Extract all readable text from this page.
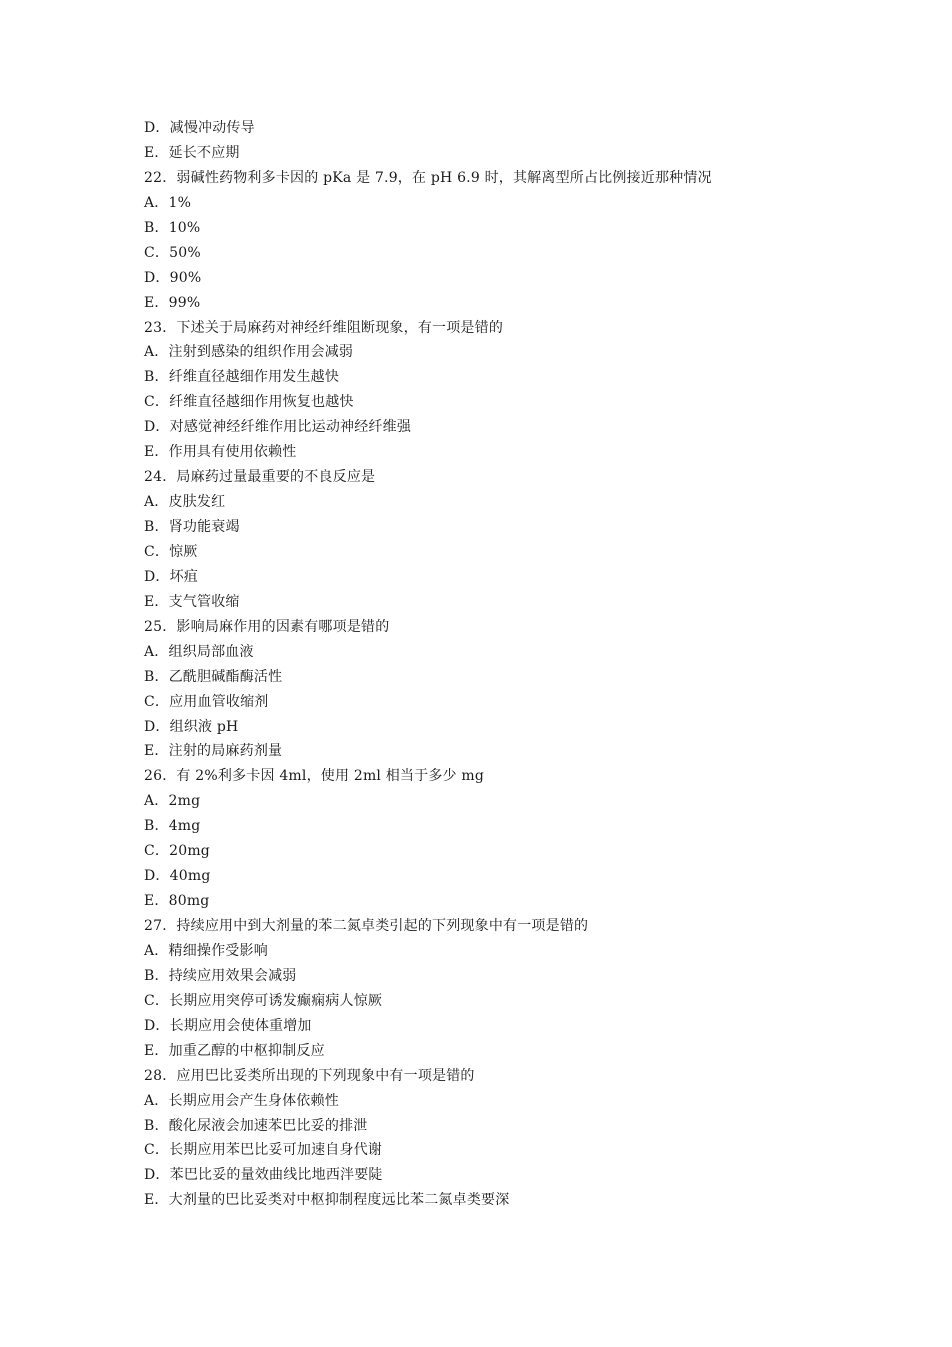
D．减慢冲动传导
E．延长不应期
22．弱碱性药物利多卡因的 pKa 是 7.9，在 pH 6.9 时，其解离型所占比例接近那种情况
A．1%
B．10%
C．50%
D．90%
E．99%
23．下述关于局麻药对神经纤维阻断现象，有一项是错的
A．注射到感染的组织作用会减弱
B．纤维直径越细作用发生越快
C．纤维直径越细作用恢复也越快
D．对感觉神经纤维作用比运动神经纤维强
E．作用具有使用依赖性
24．局麻药过量最重要的不良反应是
A．皮肤发红
B．肾功能衰竭
C．惊厥
D．坏疽
E．支气管收缩
25．影响局麻作用的因素有哪项是错的
A．组织局部血液
B．乙酰胆碱酯酶活性
C．应用血管收缩剂
D．组织液 pH
E．注射的局麻药剂量
26．有 2%利多卡因 4ml，使用 2ml 相当于多少 mg
A．2mg
B．4mg
C．20mg
D．40mg
E．80mg
27．持续应用中到大剂量的苯二氮卓类引起的下列现象中有一项是错的
A．精细操作受影响
B．持续应用效果会减弱
C．长期应用突停可诱发癫痫病人惊厥
D．长期应用会使体重增加
E．加重乙醇的中枢抑制反应
28．应用巴比妥类所出现的下列现象中有一项是错的
A．长期应用会产生身体依赖性
B．酸化尿液会加速苯巴比妥的排泄
C．长期应用苯巴比妥可加速自身代谢
D．苯巴比妥的量效曲线比地西泮要陡
E．大剂量的巴比妥类对中枢抑制程度远比苯二氮卓类要深
